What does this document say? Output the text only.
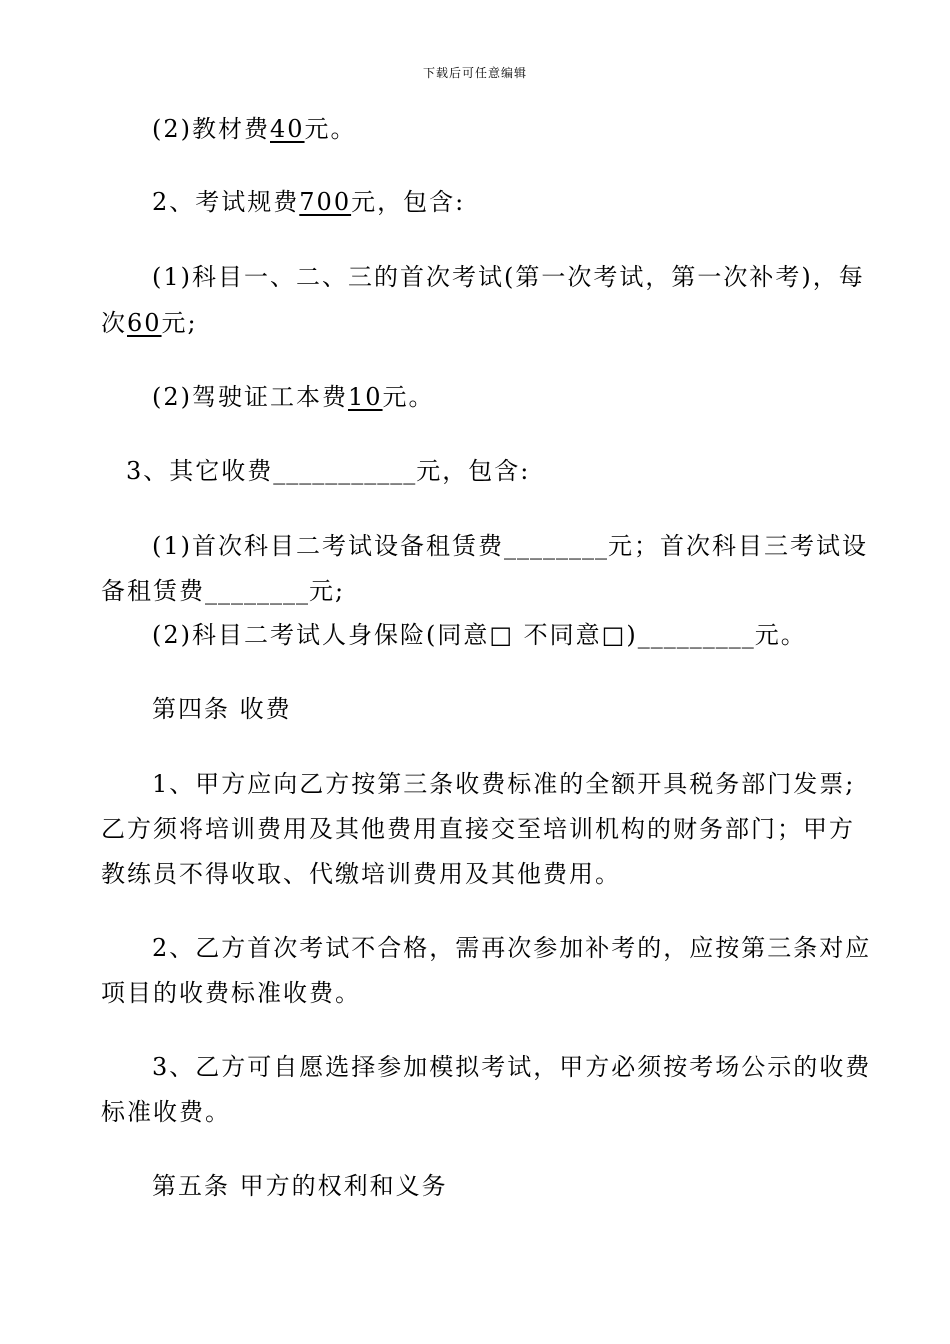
下载后可任意编辑
(2)教材费40元。
2、考试规费700元，包含:
(1)科目一、二、三的首次考试(第一次考试，第一次补考)，每
次60元;
(2)驾驶证工本费10元。
3、其它收费___________元，包含:
(1)首次科目二考试设备租赁费________元；首次科目三考试设
备租赁费________元;
(2)科目二考试人身保险(同意□ 不同意□)_________元。
第四条 收费
1、甲方应向乙方按第三条收费标准的全额开具税务部门发票;
乙方须将培训费用及其他费用直接交至培训机构的财务部门；甲方
教练员不得收取、代缴培训费用及其他费用。
2、乙方首次考试不合格，需再次参加补考的，应按第三条对应
项目的收费标准收费。
3、乙方可自愿选择参加模拟考试，甲方必须按考场公示的收费
标准收费。
第五条 甲方的权利和义务
